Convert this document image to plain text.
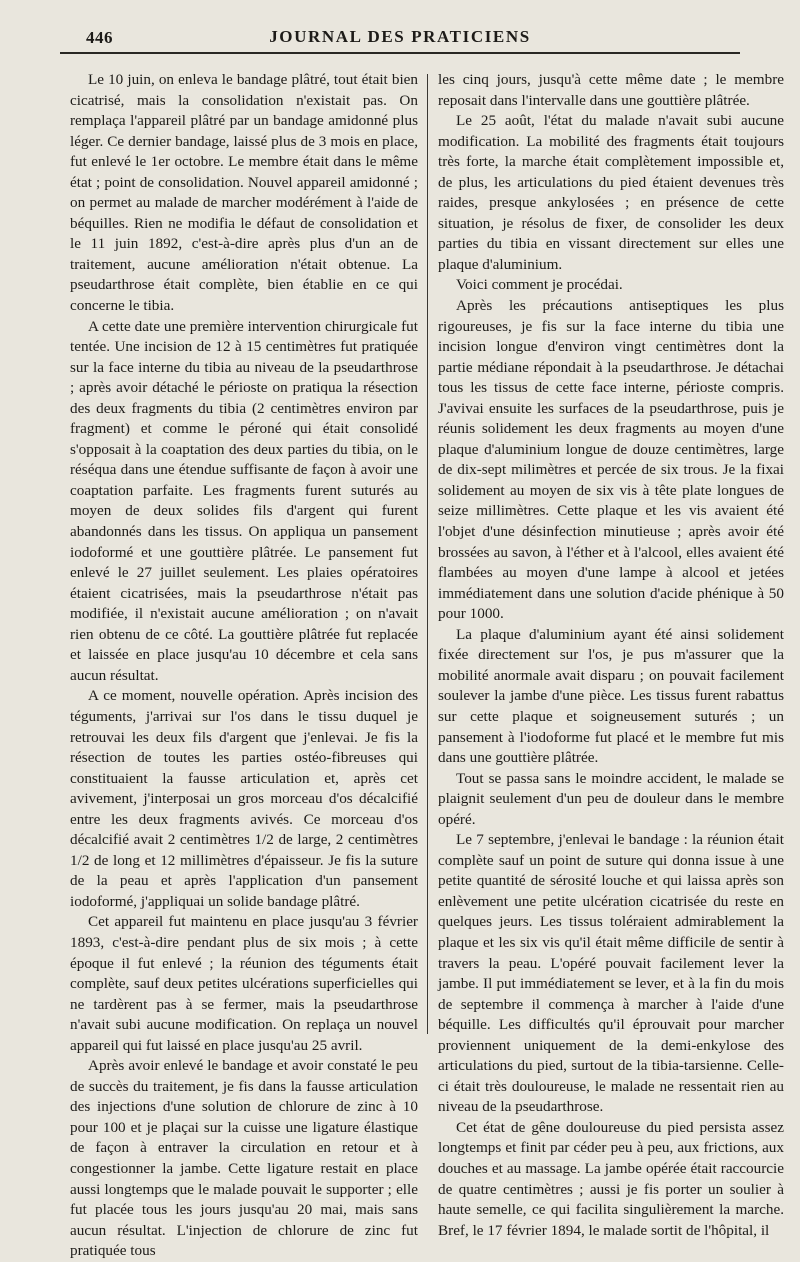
446	JOURNAL DES PRATICIENS

Le 10 juin, on enleva le bandage plâtré, tout était bien cicatrisé, mais la consolidation n'existait pas. On remplaça l'appareil plâtré par un bandage amidonné plus léger. Ce dernier bandage, laissé plus de 3 mois en place, fut enlevé le 1er octobre. Le membre était dans le même état ; point de consolidation. Nouvel appareil amidonné ; on permet au malade de marcher modérément à l'aide de béquilles. Rien ne modifia le défaut de consolidation et le 11 juin 1892, c'est-à-dire après plus d'un an de traitement, aucune amélioration n'était obtenue. La pseudarthrose était complète, bien établie en ce qui concerne le tibia.

A cette date une première intervention chirurgicale fut tentée. Une incision de 12 à 15 centimètres fut pratiquée sur la face interne du tibia au niveau de la pseudarthrose ; après avoir détaché le périoste on pratiqua la résection des deux fragments du tibia (2 centimètres environ par fragment) et comme le péroné qui était consolidé s'opposait à la coaptation des deux parties du tibia, on le réséqua dans une étendue suffisante de façon à avoir une coaptation parfaite. Les fragments furent suturés au moyen de deux solides fils d'argent qui furent abandonnés dans les tissus. On appliqua un pansement iodoformé et une gouttière plâtrée. Le pansement fut enlevé le 27 juillet seulement. Les plaies opératoires étaient cicatrisées, mais la pseudarthrose n'était pas modifiée, il n'existait aucune amélioration ; on n'avait rien obtenu de ce côté. La gouttière plâtrée fut replacée et laissée en place jusqu'au 10 décembre et cela sans aucun résultat.

A ce moment, nouvelle opération. Après incision des téguments, j'arrivai sur l'os dans le tissu duquel je retrouvai les deux fils d'argent que j'enlevai. Je fis la résection de toutes les parties ostéo-fibreuses qui constituaient la fausse articulation et, après cet avivement, j'interposai un gros morceau d'os décalcifié entre les deux fragments avivés. Ce morceau d'os décalcifié avait 2 centimètres 1/2 de large, 2 centimètres 1/2 de long et 12 millimètres d'épaisseur. Je fis la suture de la peau et après l'application d'un pansement iodoformé, j'appliquai un solide bandage plâtré.

Cet appareil fut maintenu en place jusqu'au 3 février 1893, c'est-à-dire pendant plus de six mois ; à cette époque il fut enlevé ; la réunion des téguments était complète, sauf deux petites ulcérations superficielles qui ne tardèrent pas à se fermer, mais la pseudarthrose n'avait subi aucune modification. On replaça un nouvel appareil qui fut laissé en place jusqu'au 25 avril.

Après avoir enlevé le bandage et avoir constaté le peu de succès du traitement, je fis dans la fausse articulation des injections d'une solution de chlorure de zinc à 10 pour 100 et je plaçai sur la cuisse une ligature élastique de façon à entraver la circulation en retour et à congestionner la jambe. Cette ligature restait en place aussi longtemps que le malade pouvait le supporter ; elle fut placée tous les jours jusqu'au 20 mai, mais sans aucun résultat. L'injection de chlorure de zinc fut pratiquée tous

les cinq jours, jusqu'à cette même date ; le membre reposait dans l'intervalle dans une gouttière plâtrée.

Le 25 août, l'état du malade n'avait subi aucune modification. La mobilité des fragments était toujours très forte, la marche était complètement impossible et, de plus, les articulations du pied étaient devenues très raides, presque ankylosées ; en présence de cette situation, je résolus de fixer, de consolider les deux parties du tibia en vissant directement sur elles une plaque d'aluminium.

Voici comment je procédai.

Après les précautions antiseptiques les plus rigoureuses, je fis sur la face interne du tibia une incision longue d'environ vingt centimètres dont la partie médiane répondait à la pseudarthrose. Je détachai tous les tissus de cette face interne, périoste compris. J'avivai ensuite les surfaces de la pseudarthrose, puis je réunis solidement les deux fragments au moyen d'une plaque d'aluminium longue de douze centimètres, large de dix-sept milimètres et percée de six trous. Je la fixai solidement au moyen de six vis à tête plate longues de seize millimètres. Cette plaque et les vis avaient été l'objet d'une désinfection minutieuse ; après avoir été brossées au savon, à l'éther et à l'alcool, elles avaient été flambées au moyen d'une lampe à alcool et jetées immédiatement dans une solution d'acide phénique à 50 pour 1000.

La plaque d'aluminium ayant été ainsi solidement fixée directement sur l'os, je pus m'assurer que la mobilité anormale avait disparu ; on pouvait facilement soulever la jambe d'une pièce. Les tissus furent rabattus sur cette plaque et soigneusement suturés ; un pansement à l'iodoforme fut placé et le membre fut mis dans une gouttière plâtrée.

Tout se passa sans le moindre accident, le malade se plaignit seulement d'un peu de douleur dans le membre opéré.

Le 7 septembre, j'enlevai le bandage : la réunion était complète sauf un point de suture qui donna issue à une petite quantité de sérosité louche et qui laissa après son enlèvement une petite ulcération cicatrisée du reste en quelques jeurs. Les tissus toléraient admirablement la plaque et les six vis qu'il était même difficile de sentir à travers la peau. L'opéré pouvait facilement lever la jambe. Il put immédiatement se lever, et à la fin du mois de septembre il commença à marcher à l'aide d'une béquille. Les difficultés qu'il éprouvait pour marcher proviennent uniquement de la demi-enkylose des articulations du pied, surtout de la tibia-tarsienne. Celle-ci était très douloureuse, le malade ne ressentait rien au niveau de la pseudarthrose.

Cet état de gêne douloureuse du pied persista assez longtemps et finit par céder peu à peu, aux frictions, aux douches et au massage. La jambe opérée était raccourcie de quatre centimètres ; aussi je fis porter un soulier à haute semelle, ce qui facilita singulièrement la marche. Bref, le 17 février 1894, le malade sortit de l'hôpital, il
